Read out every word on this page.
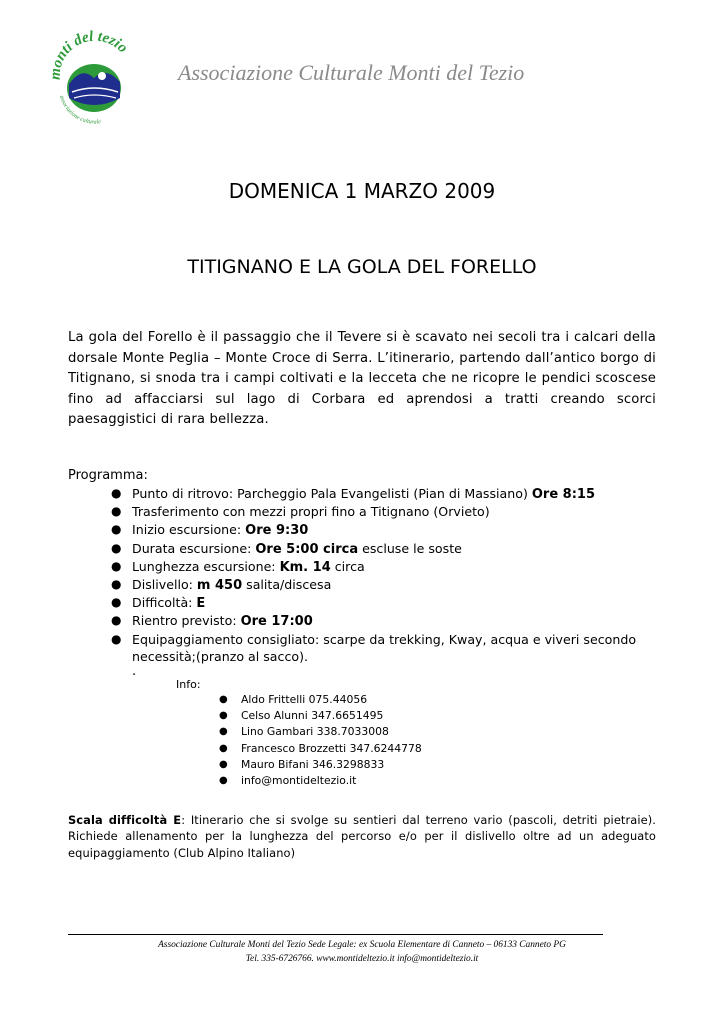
monti del tezio
associazione culturale
Associazione Culturale Monti del Tezio
DOMENICA 1 MARZO 2009
TITIGNANO E LA GOLA DEL FORELLO
La gola del Forello è il passaggio che il Tevere si è scavato nei secoli tra i calcari della dorsale Monte Peglia – Monte Croce di Serra. L’itinerario, partendo dall’antico borgo di Titignano, si snoda tra i campi coltivati e la lecceta che ne ricopre le pendici scoscese fino ad affacciarsi sul lago di Corbara ed aprendosi a tratti creando scorci paesaggistici di rara bellezza.
Programma:
● Punto di ritrovo: Parcheggio Pala Evangelisti (Pian di Massiano) Ore 8:15
● Trasferimento con mezzi propri fino a Titignano (Orvieto)
● Inizio escursione: Ore 9:30
● Durata escursione: Ore 5:00 circa escluse le soste
● Lunghezza escursione: Km. 14 circa
● Dislivello: m 450 salita/discesa
● Difficoltà: E
● Rientro previsto: Ore 17:00
● Equipaggiamento consigliato: scarpe da trekking, Kway, acqua e viveri secondo necessità;(pranzo al sacco).
.
Info:
● Aldo Frittelli 075.44056
● Celso Alunni 347.6651495
● Lino Gambari 338.7033008
● Francesco Brozzetti 347.6244778
● Mauro Bifani 346.3298833
● info@montideltezio.it
Scala difficoltà E: Itinerario che si svolge su sentieri dal terreno vario (pascoli, detriti pietraie). Richiede allenamento per la lunghezza del percorso e/o per il dislivello oltre ad un adeguato equipaggiamento (Club Alpino Italiano)
Associazione Culturale Monti del Tezio Sede Legale: ex Scuola Elementare di Canneto – 06133 Canneto PG
Tel. 335-6726766. www.montideltezio.it info@montideltezio.it
